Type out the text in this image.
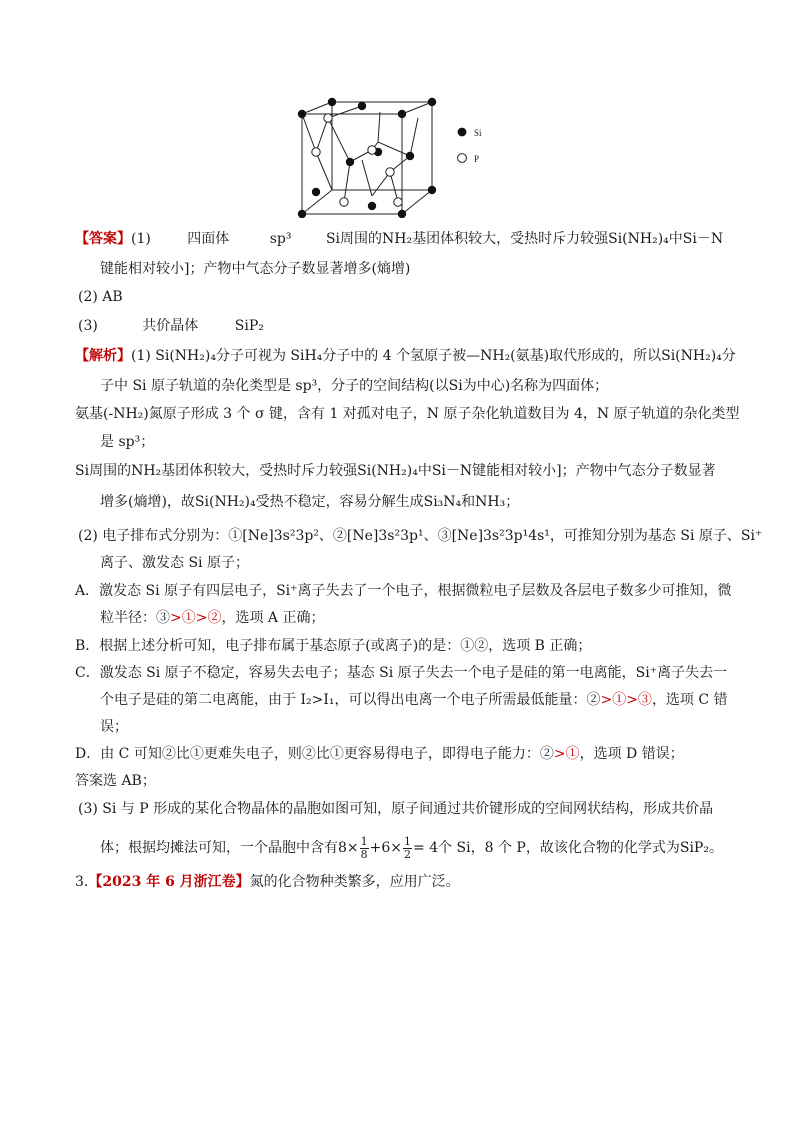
Si
P
【答案】(1)	四面体	sp³ Si周围的NH₂基团体积较大，受热时斥力较强Si(NH₂)₄中Si－N
键能相对较小]；产物中气态分子数显著增多(熵增)
(2) AB
(3)	共价晶体	SiP₂
【解析】(1) Si(NH₂)₄分子可视为 SiH₄分子中的 4 个氢原子被—NH₂(氨基)取代形成的，所以Si(NH₂)₄分
子中 Si 原子轨道的杂化类型是 sp³，分子的空间结构(以Si为中心)名称为四面体；
氨基(-NH₂)氮原子形成 3 个 σ 键，含有 1 对孤对电子，N 原子杂化轨道数目为 4，N 原子轨道的杂化类型
是 sp³；
Si周围的NH₂基团体积较大，受热时斥力较强Si(NH₂)₄中Si－N键能相对较小]；产物中气态分子数显著
增多(熵增)，故Si(NH₂)₄受热不稳定，容易分解生成Si₃N₄和NH₃；
(2) 电子排布式分别为：①[Ne]3s²3p²、②[Ne]3s²3p¹、③[Ne]3s²3p¹4s¹，可推知分别为基态 Si 原子、Si⁺
离子、激发态 Si 原子；
A．激发态 Si 原子有四层电子，Si⁺离子失去了一个电子，根据微粒电子层数及各层电子数多少可推知，微
粒半径：③>①>②，选项 A 正确；
B．根据上述分析可知，电子排布属于基态原子(或离子)的是：①②，选项 B 正确；
C．激发态 Si 原子不稳定，容易失去电子；基态 Si 原子失去一个电子是硅的第一电离能，Si⁺离子失去一
个电子是硅的第二电离能，由于 I₂>I₁，可以得出电离一个电子所需最低能量：②>①>③，选项 C 错
误；
D．由 C 可知②比①更难失电子，则②比①更容易得电子，即得电子能力：②>①，选项 D 错误；
答案选 AB；
(3) Si 与 P 形成的某化合物晶体的晶胞如图可知，原子间通过共价键形成的空间网状结构，形成共价晶
体；根据均摊法可知，一个晶胞中含有$8\times \frac{1}{8} +6\times \frac{1}{2} = 4$个 Si，8 个 P，故该化合物的化学式为SiP₂。
3.【2023 年 6 月浙江卷】氮的化合物种类繁多，应用广泛。
